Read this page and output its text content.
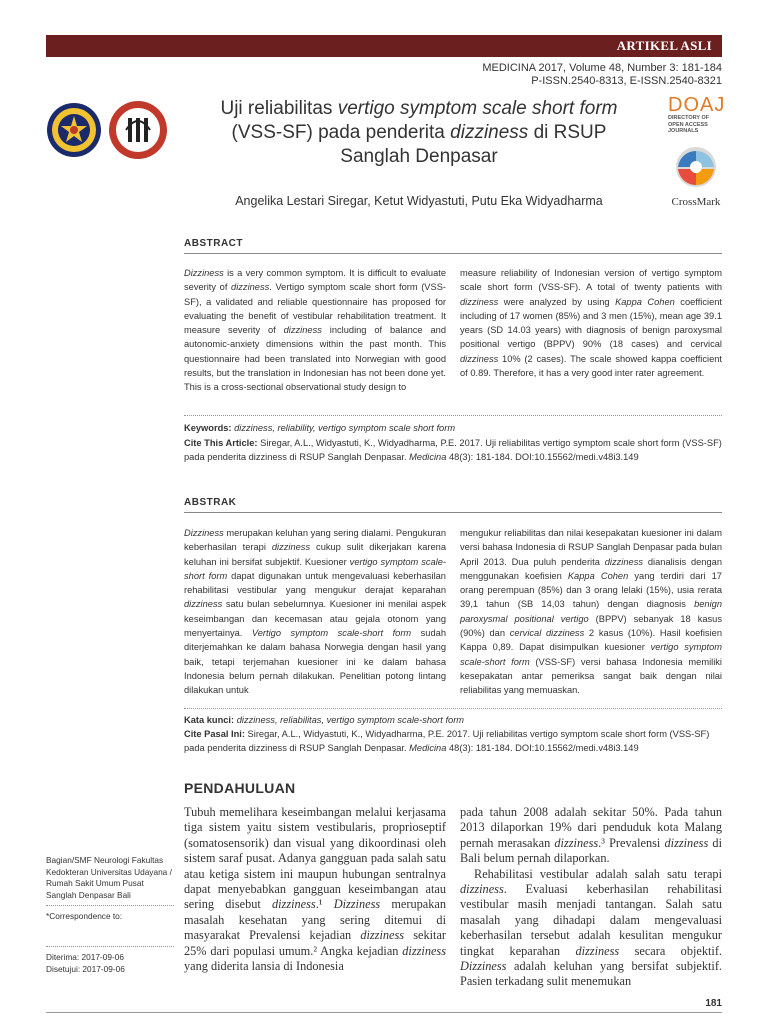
ARTIKEL ASLI
MEDICINA 2017, Volume 48, Number 3: 181-184
P-ISSN.2540-8313, E-ISSN.2540-8321
Uji reliabilitas vertigo symptom scale short form
(VSS-SF) pada penderita dizziness di RSUP
Sanglah Denpasar
Angelika Lestari Siregar, Ketut Widyastuti, Putu Eka Widyadharma
DOAJ
DIRECTORY OF
OPEN ACCESS
JOURNALS
CrossMark
ABSTRACT
Dizziness is a very common symptom. It is difficult to evaluate severity of dizziness. Vertigo symptom scale short form (VSS-SF), a validated and reliable questionnaire has proposed for evaluating the benefit of vestibular rehabilitation treatment. It measure severity of dizziness including of balance and autonomic-anxiety dimensions within the past month. This questionnaire had been translated into Norwegian with good results, but the translation in Indonesian has not been done yet. This is a cross-sectional observational study design to
measure reliability of Indonesian version of vertigo symptom scale short form (VSS-SF). A total of twenty patients with dizziness were analyzed by using Kappa Cohen coefficient including of 17 women (85%) and 3 men (15%), mean age 39.1 years (SD 14.03 years) with diagnosis of benign paroxysmal positional vertigo (BPPV) 90% (18 cases) and cervical dizziness 10% (2 cases). The scale showed kappa coefficient of 0.89. Therefore, it has a very good inter rater agreement.
Keywords: dizziness, reliability, vertigo symptom scale short form
Cite This Article: Siregar, A.L., Widyastuti, K., Widyadharma, P.E. 2017. Uji reliabilitas vertigo symptom scale short form (VSS-SF) pada penderita dizziness di RSUP Sanglah Denpasar. Medicina 48(3): 181-184. DOI:10.15562/medi.v48i3.149
ABSTRAK
Dizziness merupakan keluhan yang sering dialami. Pengukuran keberhasilan terapi dizziness cukup sulit dikerjakan karena keluhan ini bersifat subjektif. Kuesioner vertigo symptom scale-short form dapat digunakan untuk mengevaluasi keberhasilan rehabilitasi vestibular yang mengukur derajat keparahan dizziness satu bulan sebelumnya. Kuesioner ini menilai aspek keseimbangan dan kecemasan atau gejala otonom yang menyertainya. Vertigo symptom scale-short form sudah diterjemahkan ke dalam bahasa Norwegia dengan hasil yang baik, tetapi terjemahan kuesioner ini ke dalam bahasa Indonesia belum pernah dilakukan. Penelitian potong lintang dilakukan untuk
mengukur reliabilitas dan nilai kesepakatan kuesioner ini dalam versi bahasa Indonesia di RSUP Sanglah Denpasar pada bulan April 2013. Dua puluh penderita dizziness dianalisis dengan menggunakan koefisien Kappa Cohen yang terdiri dari 17 orang perempuan (85%) dan 3 orang lelaki (15%), usia rerata 39,1 tahun (SB 14,03 tahun) dengan diagnosis benign paroxysmal positional vertigo (BPPV) sebanyak 18 kasus (90%) dan cervical dizziness 2 kasus (10%). Hasil koefisien Kappa 0,89. Dapat disimpulkan kuesioner vertigo symptom scale-short form (VSS-SF) versi bahasa Indonesia memiliki kesepakatan antar pemeriksa sangat baik dengan nilai reliabilitas yang memuaskan.
Kata kunci: dizziness, reliabilitas, vertigo symptom scale-short form
Cite Pasal Ini: Siregar, A.L., Widyastuti, K., Widyadharma, P.E. 2017. Uji reliabilitas vertigo symptom scale short form (VSS-SF) pada penderita dizziness di RSUP Sanglah Denpasar. Medicina 48(3): 181-184. DOI:10.15562/medi.v48i3.149
PENDAHULUAN
Tubuh memelihara keseimbangan melalui kerjasama tiga sistem yaitu sistem vestibularis, proprioseptif (somatosensorik) dan visual yang dikoordinasi oleh sistem saraf pusat. Adanya gangguan pada salah satu atau ketiga sistem ini maupun hubungan sentralnya dapat menyebabkan gangguan keseimbangan atau sering disebut dizziness.¹ Dizziness merupakan masalah kesehatan yang sering ditemui di masyarakat Prevalensi kejadian dizziness sekitar 25% dari populasi umum.² Angka kejadian dizziness yang diderita lansia di Indonesia
pada tahun 2008 adalah sekitar 50%. Pada tahun 2013 dilaporkan 19% dari penduduk kota Malang pernah merasakan dizziness.³ Prevalensi dizziness di Bali belum pernah dilaporkan.
Rehabilitasi vestibular adalah salah satu terapi dizziness. Evaluasi keberhasilan rehabilitasi vestibular masih menjadi tantangan. Salah satu masalah yang dihadapi dalam mengevaluasi keberhasilan tersebut adalah kesulitan mengukur tingkat keparahan dizziness secara objektif. Dizziness adalah keluhan yang bersifat subjektif. Pasien terkadang sulit menemukan
Bagian/SMF Neurologi Fakultas Kedokteran Universitas Udayana / Rumah Sakit Umum Pusat Sanglah Denpasar Bali
*Correspondence to:
Diterima: 2017-09-06
Disetujui: 2017-09-06
181
